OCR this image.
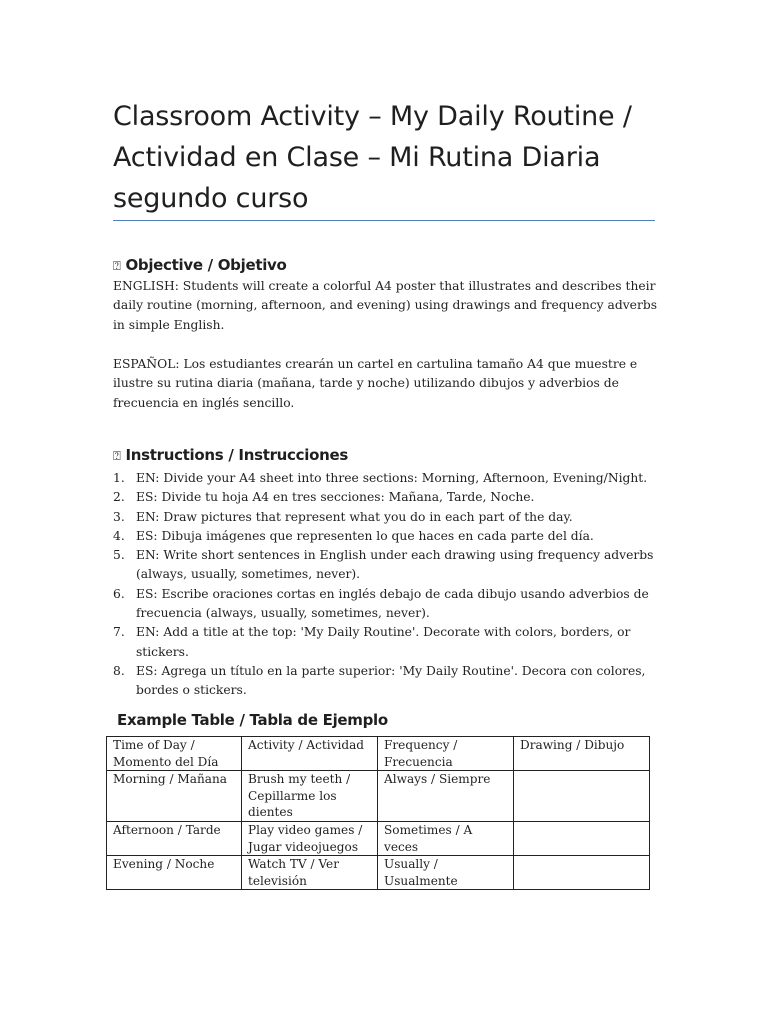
Classroom Activity – My Daily Routine / Actividad en Clase – Mi Rutina Diaria segundo curso
⍰ Objective / Objetivo

ENGLISH: Students will create a colorful A4 poster that illustrates and describes their daily routine (morning, afternoon, and evening) using drawings and frequency adverbs in simple English.

ESPAÑOL: Los estudiantes crearán un cartel en cartulina tamaño A4 que muestre e ilustre su rutina diaria (mañana, tarde y noche) utilizando dibujos y adverbios de frecuencia en inglés sencillo.

⍰ Instructions / Instrucciones
1. EN: Divide your A4 sheet into three sections: Morning, Afternoon, Evening/Night.
2. ES: Divide tu hoja A4 en tres secciones: Mañana, Tarde, Noche.
3. EN: Draw pictures that represent what you do in each part of the day.
4. ES: Dibuja imágenes que representen lo que haces en cada parte del día.
5. EN: Write short sentences in English under each drawing using frequency adverbs (always, usually, sometimes, never).
6. ES: Escribe oraciones cortas en inglés debajo de cada dibujo usando adverbios de frecuencia (always, usually, sometimes, never).
7. EN: Add a title at the top: 'My Daily Routine'. Decorate with colors, borders, or stickers.
8. ES: Agrega un título en la parte superior: 'My Daily Routine'. Decora con colores, bordes o stickers.
Example Table / Tabla de Ejemplo
Time of Day / Momento del Día	Activity / Actividad	Frequency / Frecuencia	Drawing / Dibujo
Morning / Mañana	Brush my teeth / Cepillarme los dientes	Always / Siempre	
Afternoon / Tarde	Play video games / Jugar videojuegos	Sometimes / A veces	
Evening / Noche	Watch TV / Ver televisión	Usually / Usualmente	
